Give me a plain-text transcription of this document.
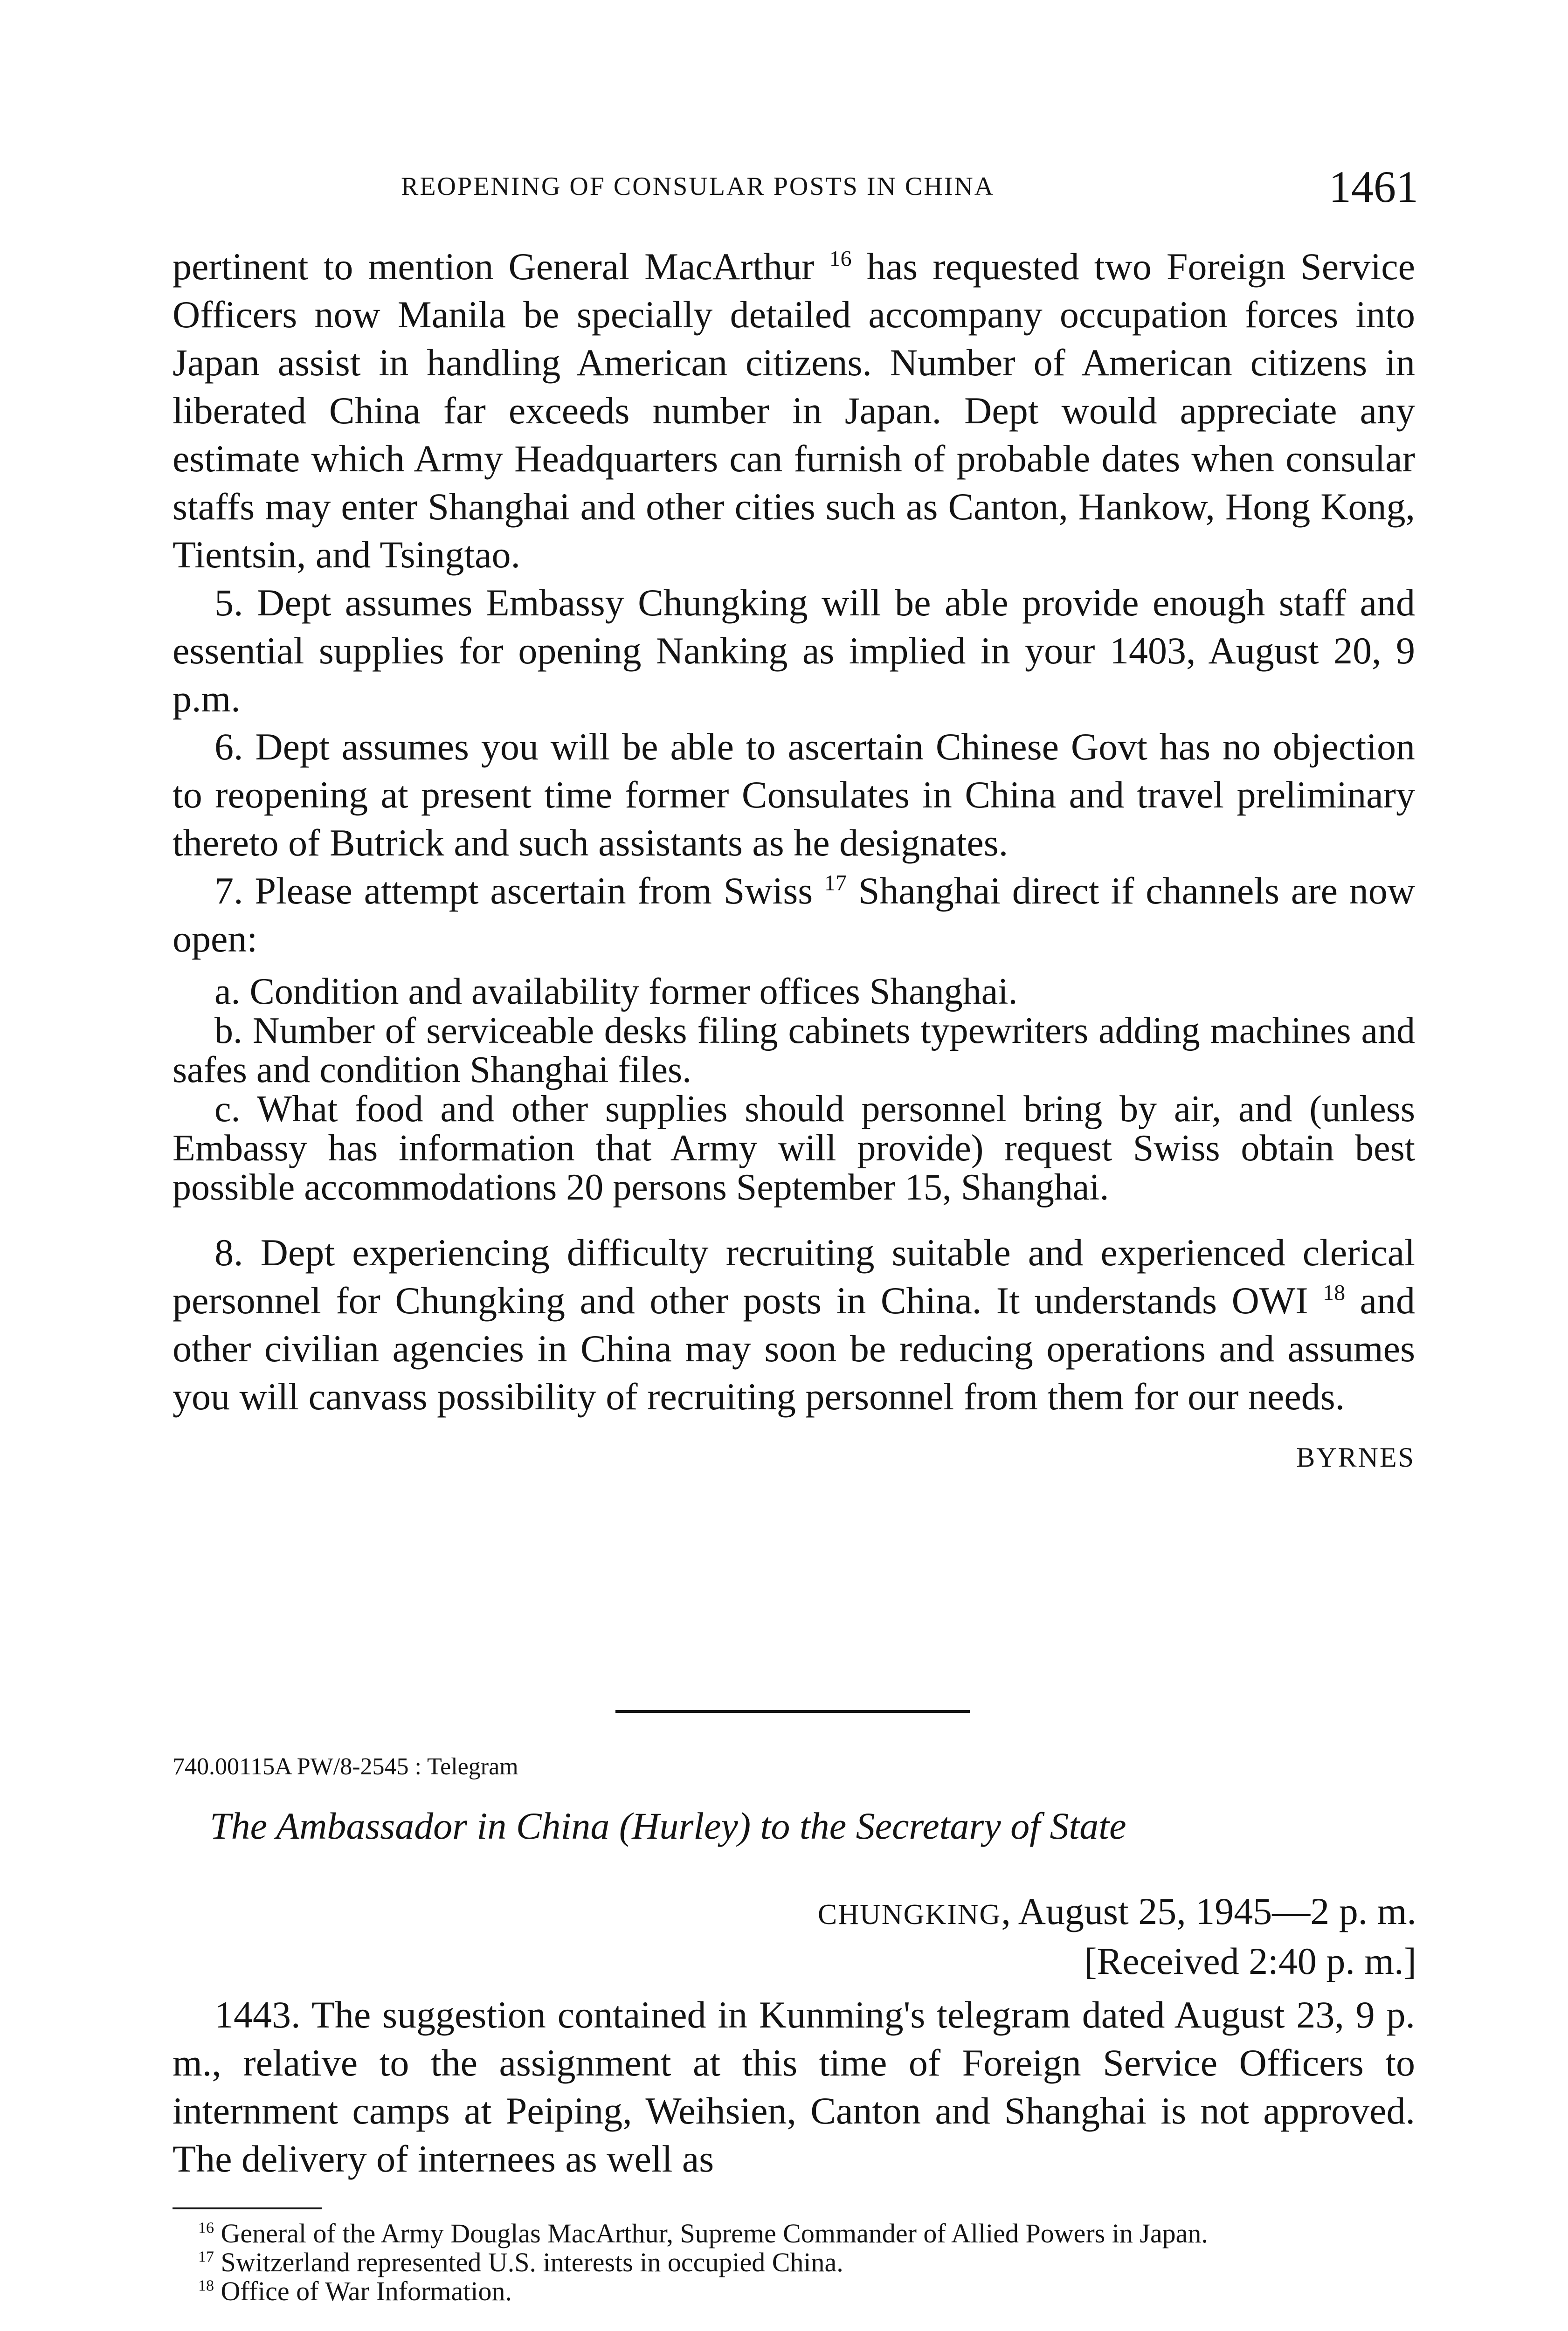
REOPENING OF CONSULAR POSTS IN CHINA	1461

pertinent to mention General MacArthur $^{16}$ has requested two Foreign Service Officers now Manila be specially detailed accompany occupation forces into Japan assist in handling American citizens. Number of American citizens in liberated China far exceeds number in Japan. Dept would appreciate any estimate which Army Headquarters can furnish of probable dates when consular staffs may enter Shanghai and other cities such as Canton, Hankow, Hong Kong, Tientsin, and Tsingtao.

5. Dept assumes Embassy Chungking will be able provide enough staff and essential supplies for opening Nanking as implied in your 1403, August 20, 9 p.m.

6. Dept assumes you will be able to ascertain Chinese Govt has no objection to reopening at present time former Consulates in China and travel preliminary thereto of Butrick and such assistants as he designates.

7. Please attempt ascertain from Swiss $^{17}$ Shanghai direct if channels are now open:

a. Condition and availability former offices Shanghai.

b. Number of serviceable desks filing cabinets typewriters adding machines and safes and condition Shanghai files.

c. What food and other supplies should personnel bring by air, and (unless Embassy has information that Army will provide) request Swiss obtain best possible accommodations 20 persons September 15, Shanghai.

8. Dept experiencing difficulty recruiting suitable and experienced clerical personnel for Chungking and other posts in China. It understands OWI $^{18}$ and other civilian agencies in China may soon be reducing operations and assumes you will canvass possibility of recruiting personnel from them for our needs.

BYRNES
740.00115A PW/8-2545 : Telegram
The Ambassador in China (Hurley) to the Secretary of State
CHUNGKING, August 25, 1945—2 p. m.
[Received 2:40 p. m.]

1443. The suggestion contained in Kunming's telegram dated August 23, 9 p. m., relative to the assignment at this time of Foreign Service Officers to internment camps at Peiping, Weihsien, Canton and Shanghai is not approved. The delivery of internees as well as

$^{16}$ General of the Army Douglas MacArthur, Supreme Commander of Allied Powers in Japan.

$^{17}$ Switzerland represented U.S. interests in occupied China.

$^{18}$ Office of War Information.
